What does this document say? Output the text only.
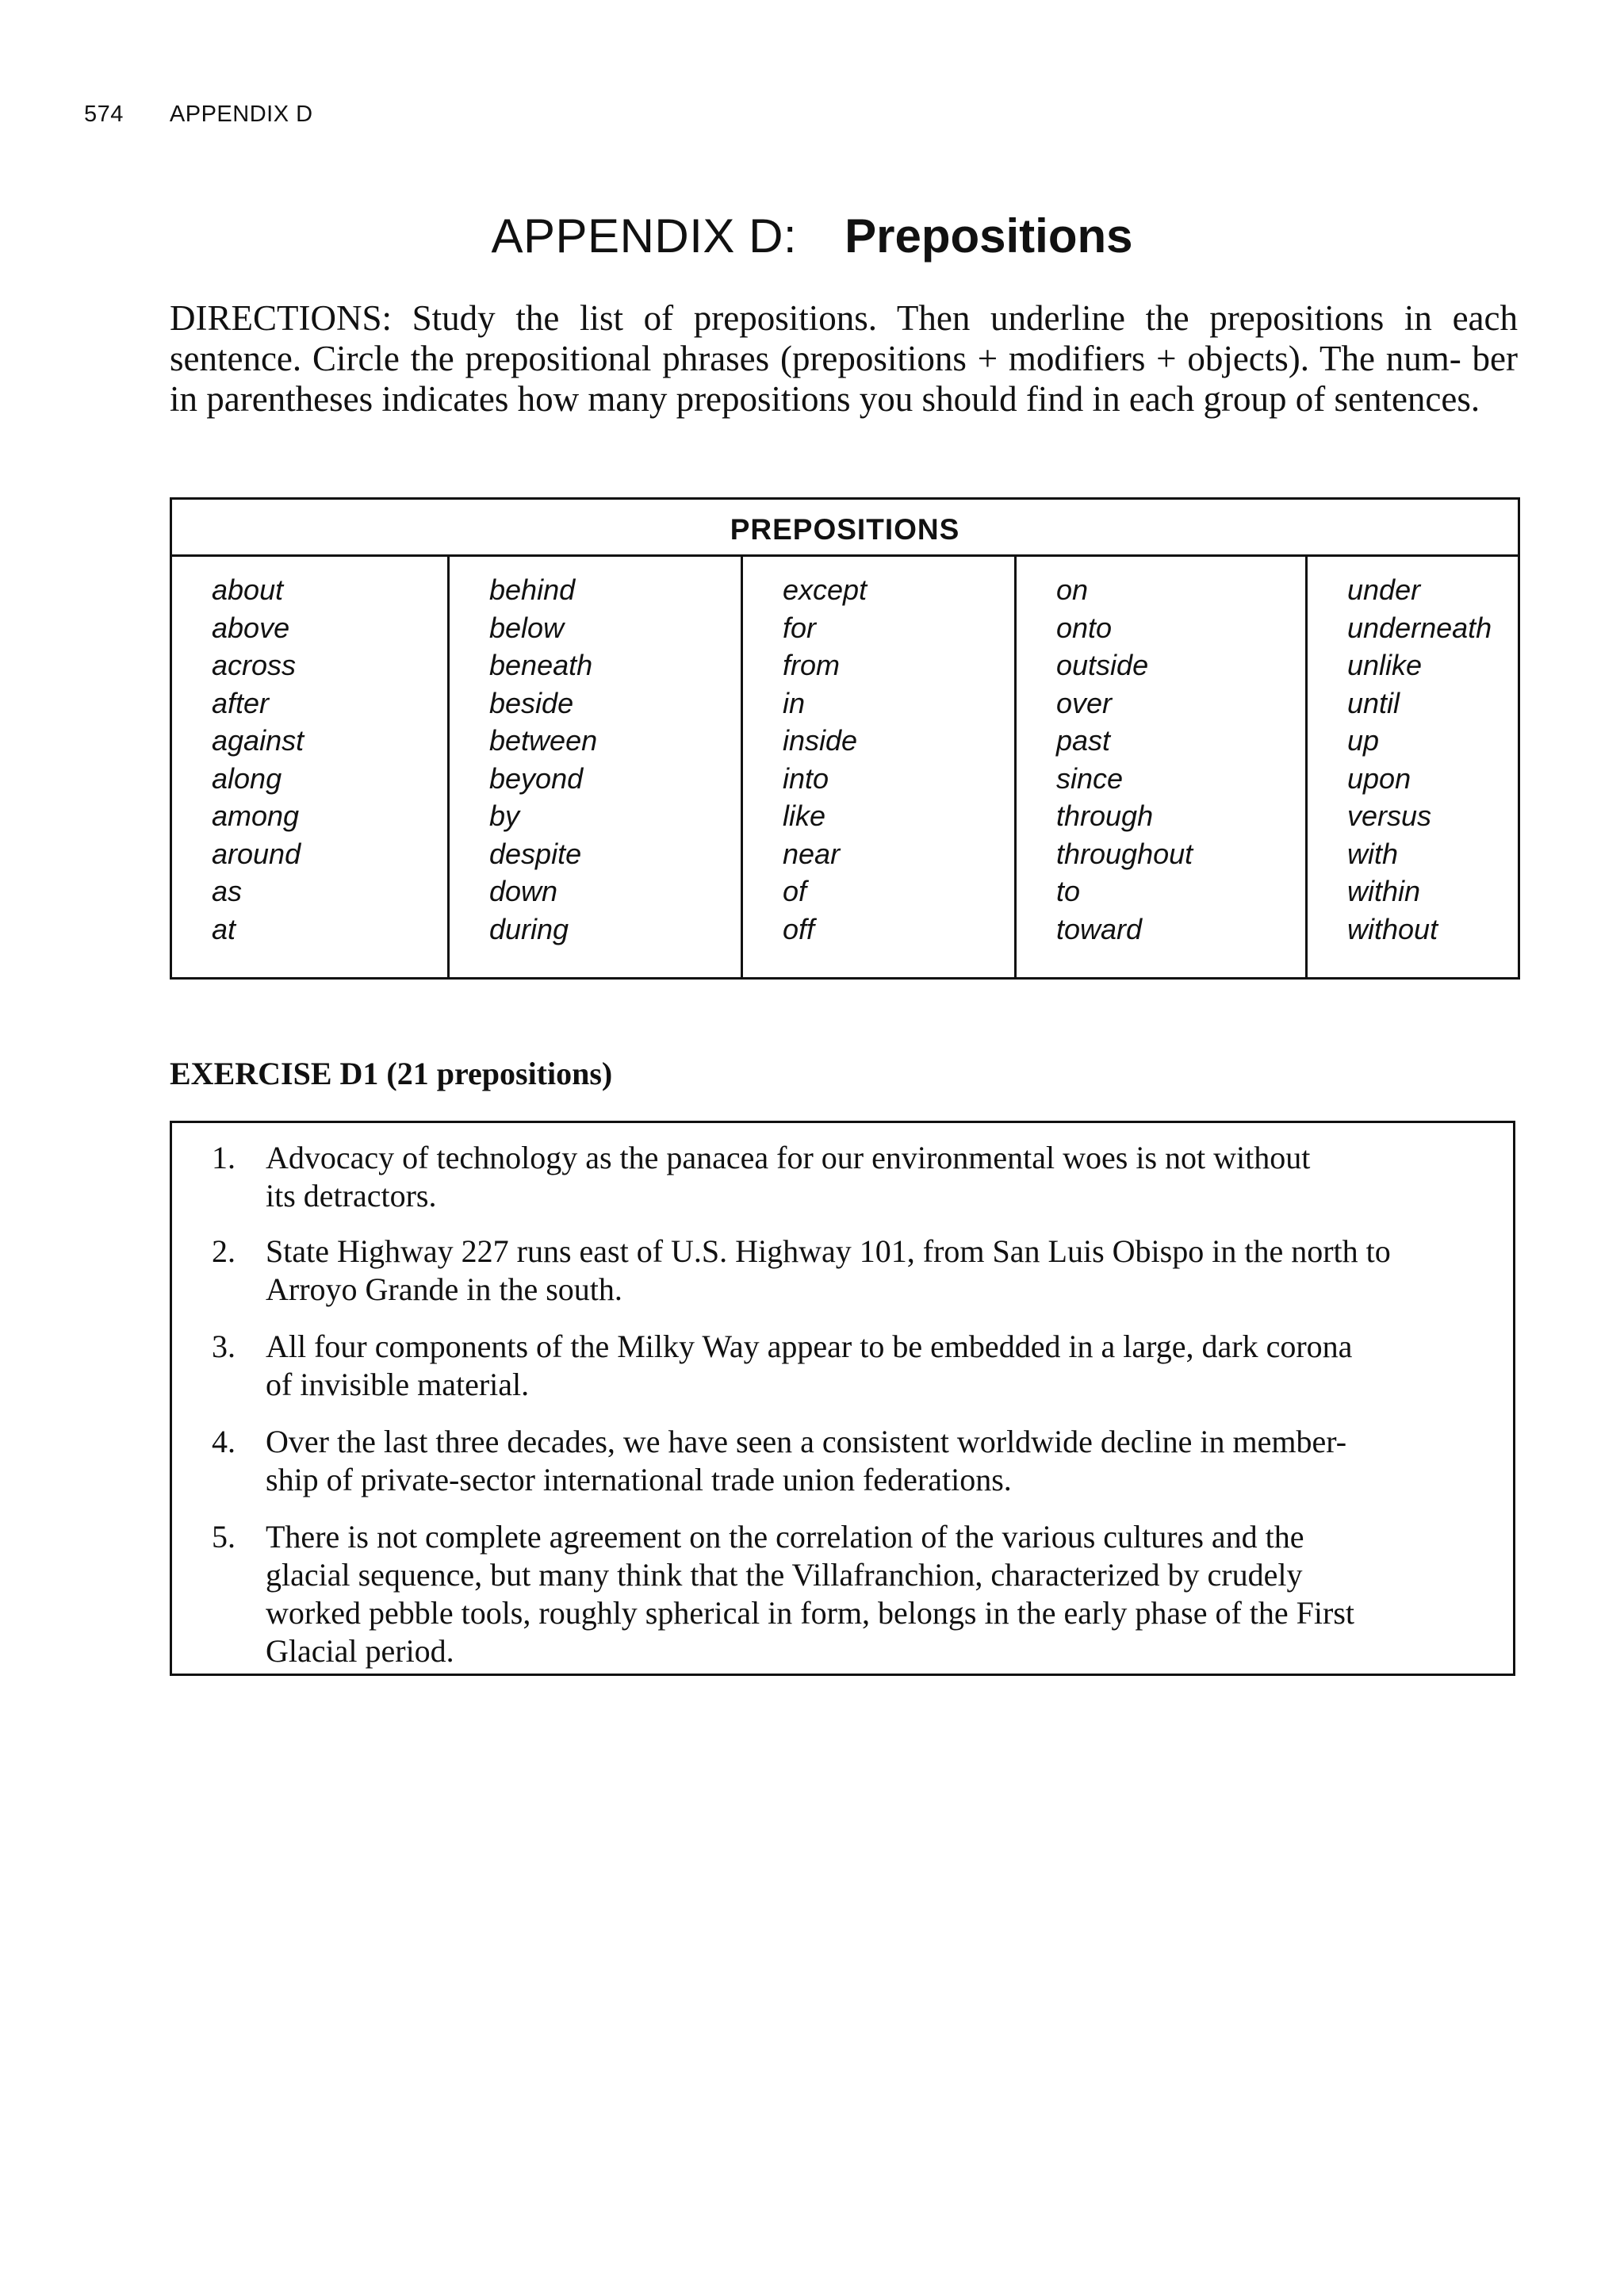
574 APPENDIX D
APPENDIX D: Prepositions
DIRECTIONS: Study the list of prepositions. Then underline the prepositions in each sentence. Circle the prepositional phrases (prepositions + modifiers + objects). The num- ber in parentheses indicates how many prepositions you should find in each group of sentences.
PREPOSITIONS
about
above
across
after
against
along
among
around
as
at
behind
below
beneath
beside
between
beyond
by
despite
down
during
except
for
from
in
inside
into
like
near
of
off
on
onto
outside
over
past
since
through
throughout
to
toward
under
underneath
unlike
until
up
upon
versus
with
within
without
EXERCISE D1 (21 prepositions)
1. Advocacy of technology as the panacea for our environmental woes is not without
its detractors.
2. State Highway 227 runs east of U.S. Highway 101, from San Luis Obispo in the north to
Arroyo Grande in the south.
3. All four components of the Milky Way appear to be embedded in a large, dark corona
of invisible material.
4. Over the last three decades, we have seen a consistent worldwide decline in member-
ship of private-sector international trade union federations.
5. There is not complete agreement on the correlation of the various cultures and the
glacial sequence, but many think that the Villafranchion, characterized by crudely
worked pebble tools, roughly spherical in form, belongs in the early phase of the First
Glacial period.
